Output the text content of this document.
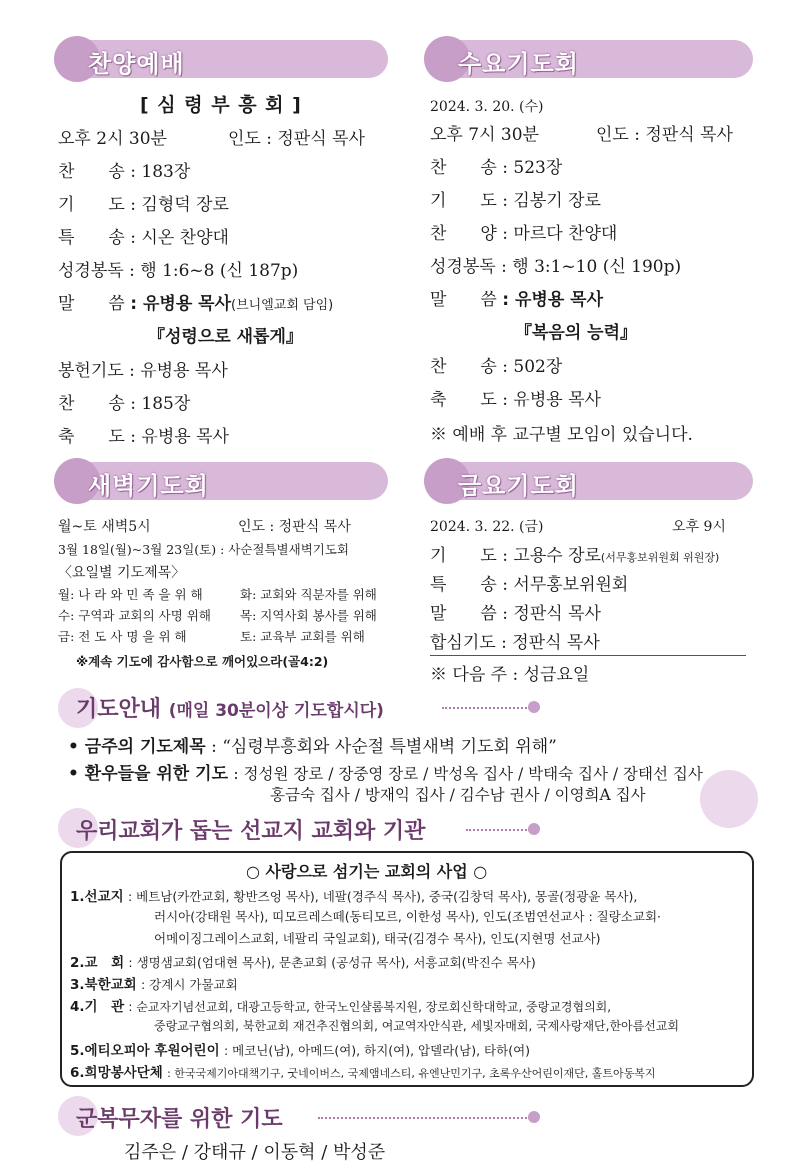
찬양예배
[ 심 령 부 흥 회 ]
오후 2시 30분	인도 : 정판식 목사
찬　　송 : 183장
기　　도 : 김형덕 장로
특　　송 : 시온 찬양대
성경봉독 : 행 1:6~8 (신 187p)
말　　씀 : 유병용 목사(브니엘교회 담임)
『성령으로 새롭게』
봉헌기도 : 유병용 목사
찬　　송 : 185장
축　　도 : 유병용 목사
수요기도회
2024. 3. 20. (수)
오후 7시 30분	인도 : 정판식 목사
찬　　송 : 523장
기　　도 : 김봉기 장로
찬　　양 : 마르다 찬양대
성경봉독 : 행 3:1~10 (신 190p)
말　　씀 : 유병용 목사
『복음의 능력』
찬　　송 : 502장
축　　도 : 유병용 목사
※ 예배 후 교구별 모임이 있습니다.
새벽기도회
월~토 새벽5시	인도 : 정판식 목사
3월 18일(월)~3월 23일(토) : 사순절특별새벽기도회
〈요일별 기도제목〉
월: 나 라 와 민 족 을 위 해	화: 교회와 직분자를 위해
수: 구역과 교회의 사명 위해 목: 지역사회 봉사를 위해
금: 전 도 사 명 을 위 해	토: 교육부 교회를 위해
※계속 기도에 감사함으로 깨어있으라(골4:2)
금요기도회
2024. 3. 22. (금)	오후 9시
기　　도 : 고용수 장로(서무홍보위원회 위원장)
특　　송 : 서무홍보위원회
말　　씀 : 정판식 목사
합심기도 : 정판식 목사
※ 다음 주 : 성금요일
기도안내 (매일 30분이상 기도합시다)
• 금주의 기도제목 : “심령부흥회와 사순절 특별새벽 기도회 위해”
• 환우들을 위한 기도 : 정성원 장로 / 장중영 장로 / 박성옥 집사 / 박태숙 집사 / 장태선 집사
홍금숙 집사 / 방재익 집사 / 김수남 권사 / 이영희A 집사
우리교회가 돕는 선교지 교회와 기관
○ 사랑으로 섬기는 교회의 사업 ○
1.선교지 : 베트남(카깐교회, 황반즈엉 목사), 네팔(경주식 목사), 중국(김창덕 목사), 몽골(정광윤 목사),
러시아(강태원 목사), 띠모르레스떼(동티모르, 이한성 목사), 인도(조범연선교사 : 질랑소교회·
어메이징그레이스교회, 네팔리 국일교회), 태국(김경수 목사), 인도(지현명 선교사)
2.교　회 : 생명샘교회(엄대현 목사), 문촌교회 (공성규 목사), 서흥교회(박진수 목사)
3.북한교회 : 강계시 가물교회
4.기　관 : 순교자기념선교회, 대광고등학교, 한국노인샬롬복지원, 장로회신학대학교, 중랑교경협의회,
중랑교구협의회, 북한교회 재건추진협의회, 여교역자안식관, 세빛자매회, 국제사랑재단,한아름선교회
5.에티오피아 후원어린이 : 메코닌(남), 아메드(여), 하지(여), 압델라(남), 타하(여)
6.희망봉사단체 : 한국국제기아대책기구, 굿네이버스, 국제앰네스티, 유엔난민기구, 초록우산어린이재단, 홀트아동복지
군복무자를 위한 기도
김주은 / 강태규 / 이동혁 / 박성준
